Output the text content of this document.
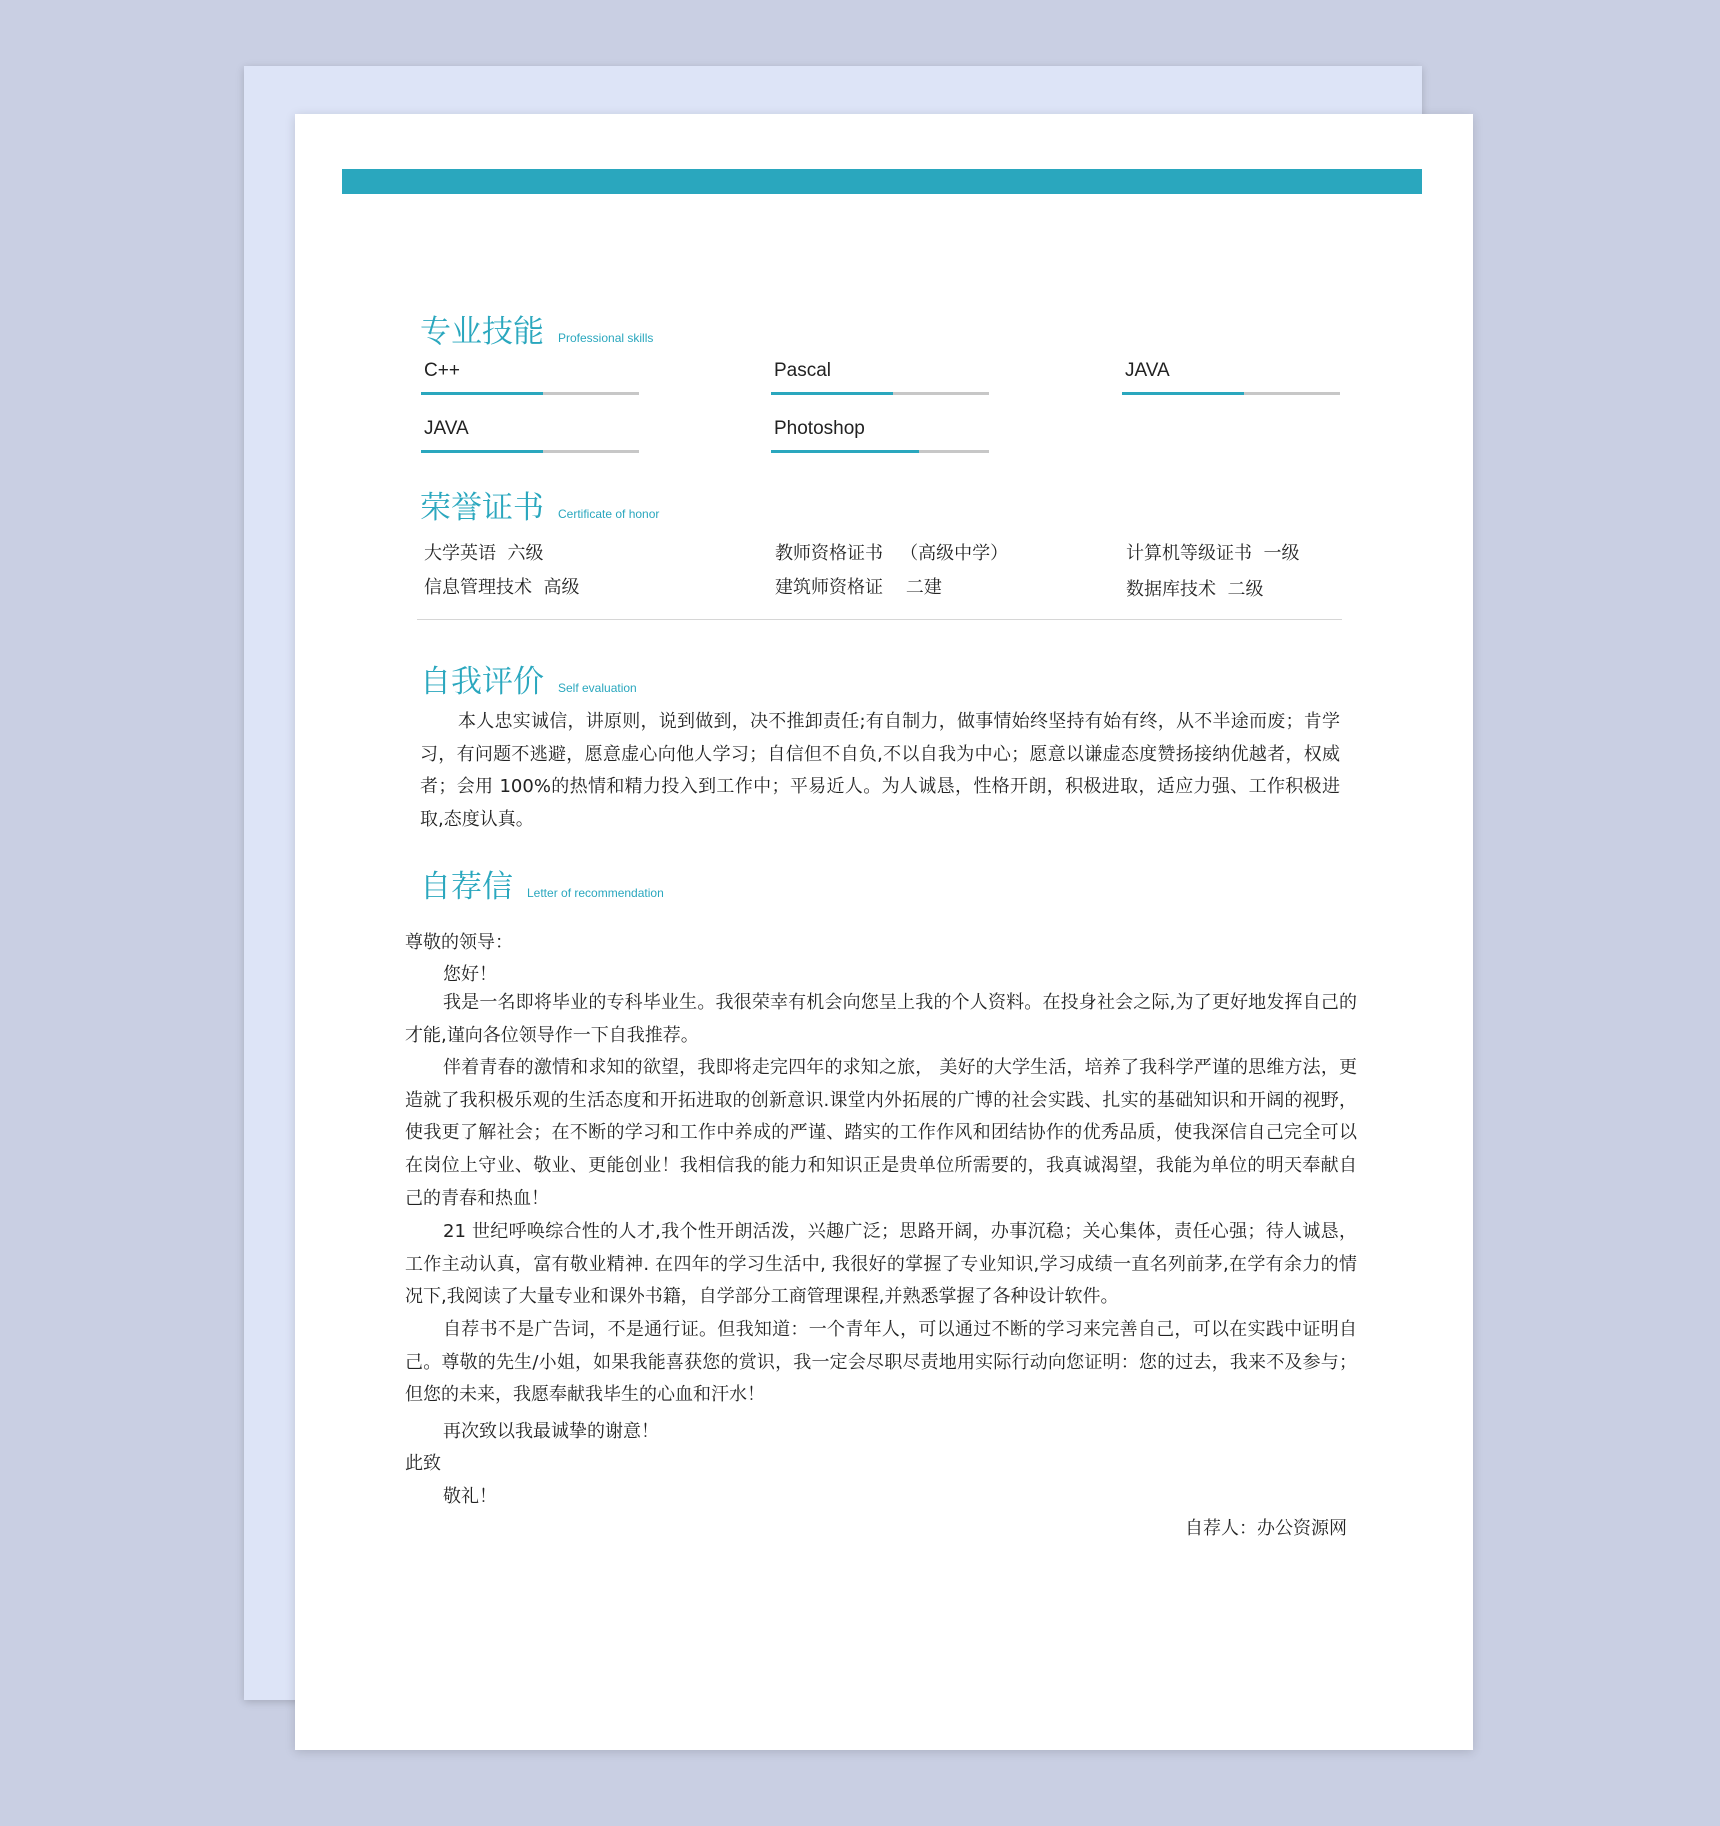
专业技能 Professional skills
C++	Pascal	JAVA
JAVA	Photoshop
荣誉证书 Certificate of honor
大学英语  六级	教师资格证书   （高级中学）	计算机等级证书  一级
信息管理技术  高级	建筑师资格证    二建	数据库技术  二级
自我评价 Self evaluation
本人忠实诚信，讲原则，说到做到，决不推卸责任;有自制力，做事情始终坚持有始有终，从不半途而废；肯学习，有问题不逃避，愿意虚心向他人学习；自信但不自负,不以自我为中心；愿意以谦虚态度赞扬接纳优越者，权威者；会用 100%的热情和精力投入到工作中；平易近人。为人诚恳，性格开朗，积极进取，适应力强、工作积极进取,态度认真。
自荐信 Letter of recommendation
尊敬的领导：
您好！
我是一名即将毕业的专科毕业生。我很荣幸有机会向您呈上我的个人资料。在投身社会之际,为了更好地发挥自己的才能,谨向各位领导作一下自我推荐。
伴着青春的激情和求知的欲望，我即将走完四年的求知之旅， 美好的大学生活，培养了我科学严谨的思维方法，更造就了我积极乐观的生活态度和开拓进取的创新意识.课堂内外拓展的广博的社会实践、扎实的基础知识和开阔的视野，使我更了解社会；在不断的学习和工作中养成的严谨、踏实的工作作风和团结协作的优秀品质，使我深信自己完全可以在岗位上守业、敬业、更能创业！我相信我的能力和知识正是贵单位所需要的，我真诚渴望，我能为单位的明天奉献自己的青春和热血！
21 世纪呼唤综合性的人才,我个性开朗活泼，兴趣广泛；思路开阔，办事沉稳；关心集体，责任心强；待人诚恳，工作主动认真，富有敬业精神. 在四年的学习生活中, 我很好的掌握了专业知识,学习成绩一直名列前茅,在学有余力的情况下,我阅读了大量专业和课外书籍，自学部分工商管理课程,并熟悉掌握了各种设计软件。
自荐书不是广告词，不是通行证。但我知道：一个青年人，可以通过不断的学习来完善自己，可以在实践中证明自己。尊敬的先生/小姐，如果我能喜获您的赏识，我一定会尽职尽责地用实际行动向您证明：您的过去，我来不及参与；但您的未来，我愿奉献我毕生的心血和汗水！
再次致以我最诚挚的谢意！
此致
敬礼！
自荐人：办公资源网
